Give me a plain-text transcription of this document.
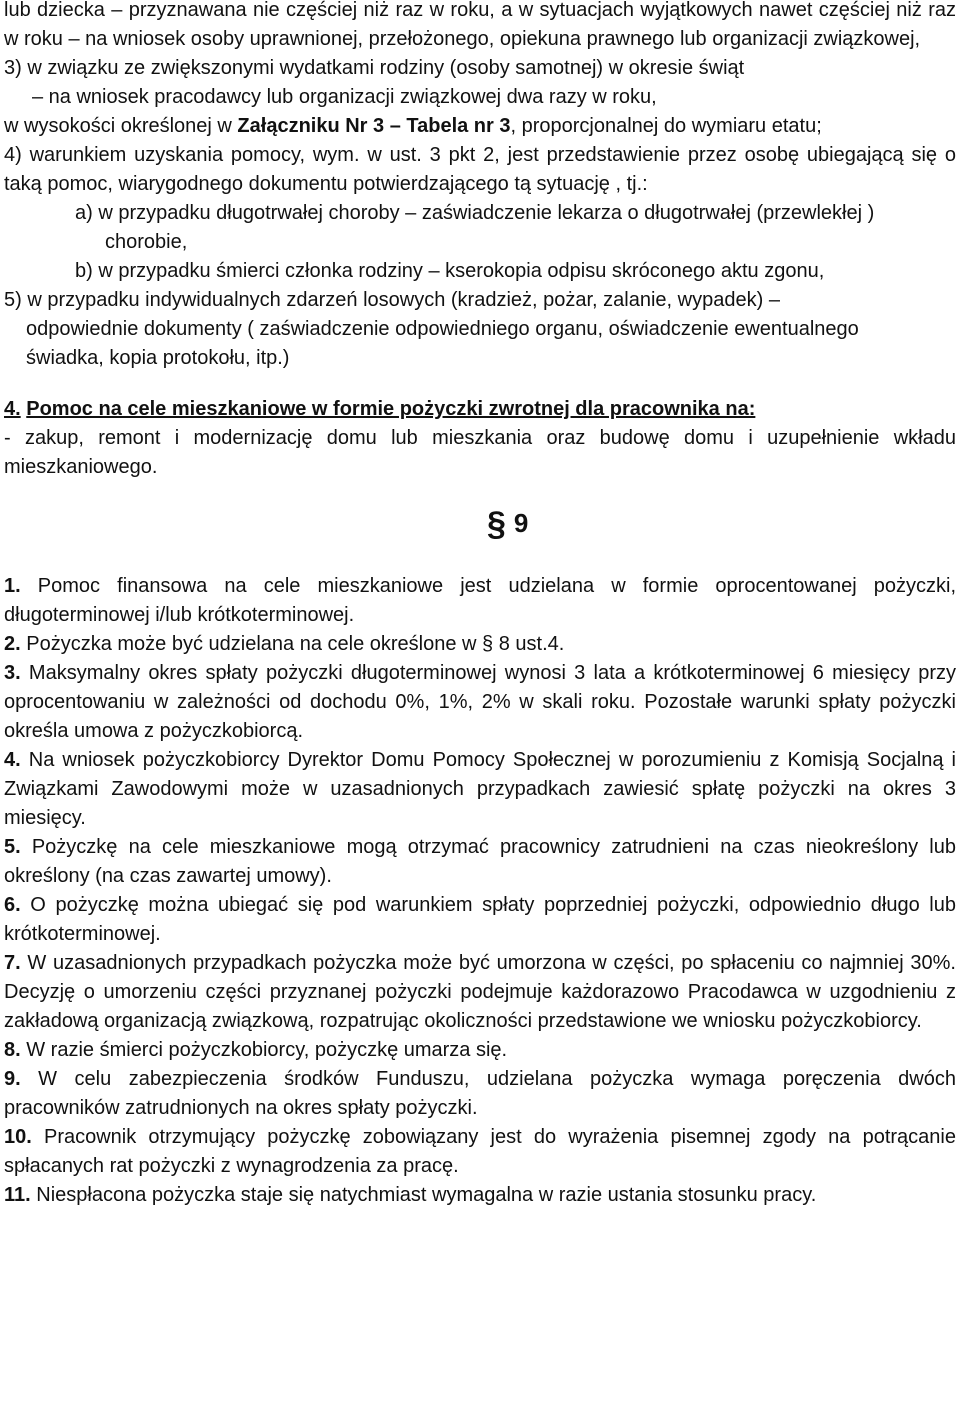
lub dziecka – przyznawana nie częściej niż raz w roku, a w sytuacjach wyjątkowych nawet częściej niż raz w roku – na wniosek osoby uprawnionej, przełożonego, opiekuna prawnego lub organizacji związkowej,

3) w związku ze zwiększonymi wydatkami rodziny (osoby samotnej) w okresie świąt

– na wniosek pracodawcy lub organizacji związkowej dwa razy w roku,

w wysokości określonej w Załączniku Nr 3 – Tabela nr 3, proporcjonalnej do wymiaru etatu;

4) warunkiem uzyskania pomocy, wym. w ust. 3 pkt 2, jest przedstawienie przez osobę ubiegającą się o taką pomoc, wiarygodnego dokumentu potwierdzającego tą sytuację , tj.:

a) w przypadku długotrwałej choroby – zaświadczenie lekarza o długotrwałej (przewlekłej ) chorobie,

b) w przypadku śmierci członka rodziny – kserokopia odpisu skróconego aktu zgonu,

5) w przypadku indywidualnych zdarzeń losowych (kradzież, pożar, zalanie, wypadek) – odpowiednie dokumenty ( zaświadczenie odpowiedniego organu, oświadczenie ewentualnego świadka, kopia protokołu, itp.)

4. Pomoc na cele mieszkaniowe w formie pożyczki zwrotnej dla pracownika na:

- zakup, remont i modernizację domu lub mieszkania oraz budowę domu i uzupełnienie wkładu mieszkaniowego.

§ 9

1. Pomoc finansowa na cele mieszkaniowe jest udzielana w formie oprocentowanej pożyczki, długoterminowej i/lub krótkoterminowej.

2. Pożyczka może być udzielana na cele określone w § 8 ust.4.

3. Maksymalny okres spłaty pożyczki długoterminowej wynosi 3 lata a krótkoterminowej 6 miesięcy przy oprocentowaniu w zależności od dochodu 0%, 1%, 2% w skali roku. Pozostałe warunki spłaty pożyczki określa umowa z pożyczkobiorcą.

4. Na wniosek pożyczkobiorcy Dyrektor Domu Pomocy Społecznej w porozumieniu z Komisją Socjalną i Związkami Zawodowymi może w uzasadnionych przypadkach zawiesić spłatę pożyczki na okres 3 miesięcy.

5. Pożyczkę na cele mieszkaniowe mogą otrzymać pracownicy zatrudnieni na czas nieokreślony lub określony (na czas zawartej umowy).

6. O pożyczkę można ubiegać się pod warunkiem spłaty poprzedniej pożyczki, odpowiednio długo lub krótkoterminowej.

7. W uzasadnionych przypadkach pożyczka może być umorzona w części, po spłaceniu co najmniej 30%. Decyzję o umorzeniu części przyznanej pożyczki podejmuje każdorazowo Pracodawca w uzgodnieniu z zakładową organizacją związkową, rozpatrując okoliczności przedstawione we wniosku pożyczkobiorcy.

8. W razie śmierci pożyczkobiorcy, pożyczkę umarza się.

9. W celu zabezpieczenia środków Funduszu, udzielana pożyczka wymaga poręczenia dwóch pracowników zatrudnionych na okres spłaty pożyczki.

10. Pracownik otrzymujący pożyczkę zobowiązany jest do wyrażenia pisemnej zgody na potrącanie spłacanych rat pożyczki z wynagrodzenia za pracę.

11. Niespłacona pożyczka staje się natychmiast wymagalna w razie ustania stosunku pracy.
